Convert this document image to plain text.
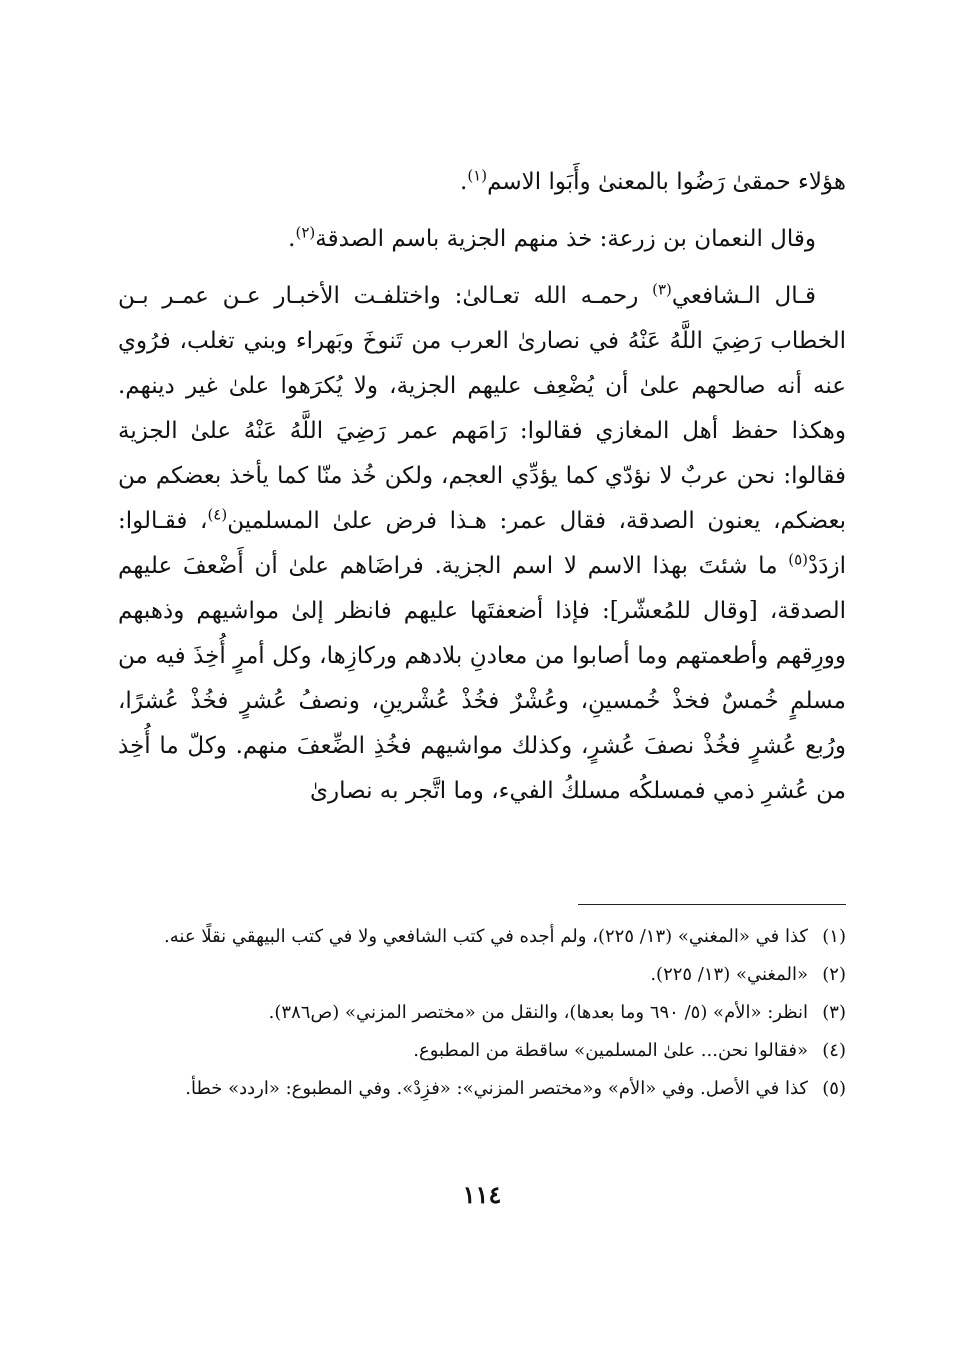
هؤلاء حمقىٰ رَضُوا بالمعنىٰ وأَبَوا الاسم$^{(١)}$.

وقال النعمان بن زرعة: خذ منهم الجزية باسم الصدقة$^{(٢)}$.

قـال الـشافعي$^{(٣)}$ رحمـه الله تعـالىٰ: واختلفـت الأخبـار عـن عمـر بـن الخطاب رَضِيَ اللَّهُ عَنْهُ في نصارىٰ العرب من تَنوخَ وبَهراء وبني تغلب، فرُوي عنه أنه صالحهم علىٰ أن يُضْعِف عليهم الجزية، ولا يُكرَهوا علىٰ غير دينهم. وهكذا حفظ أهل المغازي فقالوا: رَامَهم عمر رَضِيَ اللَّهُ عَنْهُ علىٰ الجزية فقالوا: نحن عربٌ لا نؤدّي كما يؤدِّي العجم، ولكن خُذ منّا كما يأخذ بعضكم من بعضكم، يعنون الصدقة، فقال عمر: هـذا فرض علىٰ المسلمين$^{(٤)}$، فقـالوا: ازدَدْ$^{(٥)}$ ما شئتَ بهذا الاسم لا اسم الجزية. فراضَاهم علىٰ أن أَضْعفَ عليهم الصدقة، [وقال للمُعشّر]: فإذا أضعفتَها عليهم فانظر إلىٰ مواشيهم وذهبهم وورِقهم وأطعمتهم وما أصابوا من معادنِ بلادهم وركازِها، وكل أمرٍ أُخِذَ فيه من مسلمٍ خُمسٌ فخذْ خُمسينِ، وعُشْرٌ فخُذْ عُشْرينِ، ونصفُ عُشرٍ فخُذْ عُشرًا، ورُبع عُشرٍ فخُذْ نصفَ عُشرٍ، وكذلك مواشيهم فخُذِ الضِّعفَ منهم. وكلّ ما أُخِذ من عُشرِ ذمي فمسلكُه مسلكُ الفيء، وما اتَّجر به نصارىٰ

(١)
كذا في «المغني» (١٣/ ٢٢٥)، ولم أجده في كتب الشافعي ولا في كتب البيهقي نقلًا عنه.
(٢)
«المغني» (١٣/ ٢٢٥).
(٣)
انظر: «الأم» (٥/ ٦٩٠ وما بعدها)، والنقل من «مختصر المزني» (ص٣٨٦).
(٤)
«فقالوا نحن... علىٰ المسلمين» ساقطة من المطبوع.
(٥)
كذا في الأصل. وفي «الأم» و«مختصر المزني»: «فزِدْ». وفي المطبوع: «اردد» خطأ.
١١٤
